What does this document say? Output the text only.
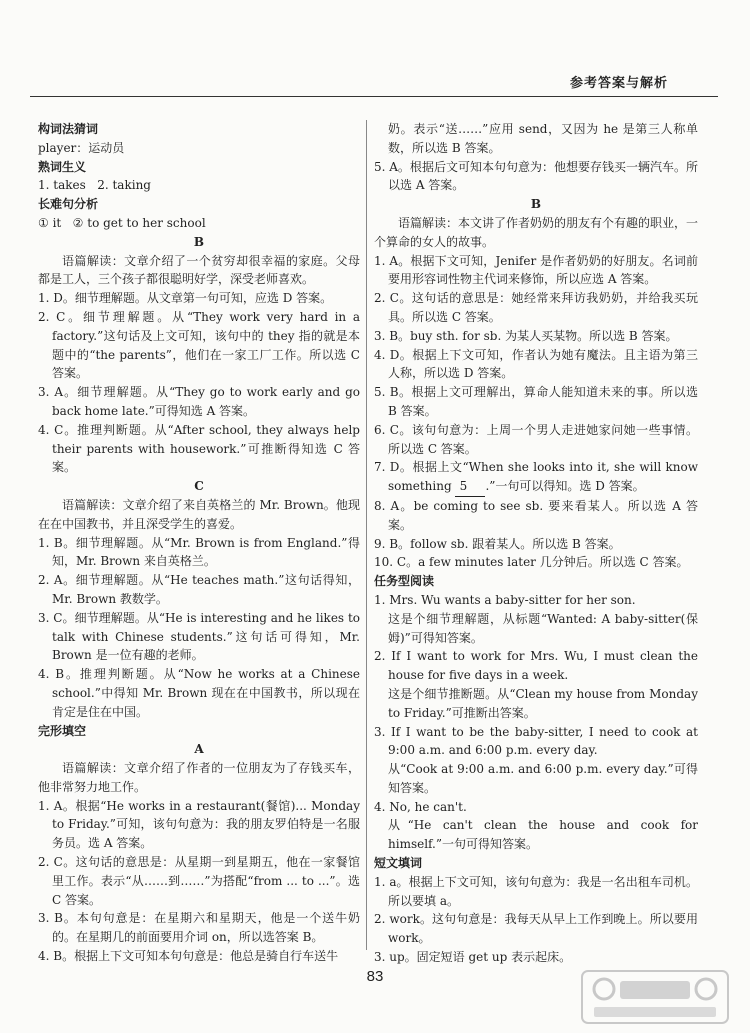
参考答案与解析
构词法猜词
player：运动员
熟词生义
1. takes   2. taking
长难句分析
① it   ② to get to her school
B
语篇解读：文章介绍了一个贫穷却很幸福的家庭。父母都是工人，三个孩子都很聪明好学，深受老师喜欢。
1. D。细节理解题。从文章第一句可知，应选 D 答案。
2. C。细节理解题。从“They work very hard in a factory.”这句话及上文可知，该句中的 they 指的就是本题中的“the parents”，他们在一家工厂工作。所以选 C 答案。
3. A。细节理解题。从“They go to work early and go back home late.”可得知选 A 答案。
4. C。推理判断题。从“After school, they always help their parents with housework.”可推断得知选 C 答案。
C
语篇解读：文章介绍了来自英格兰的 Mr. Brown。他现在在中国教书，并且深受学生的喜爱。
1. B。细节理解题。从“Mr. Brown is from England.”得知，Mr. Brown 来自英格兰。
2. A。细节理解题。从“He teaches math.”这句话得知，Mr. Brown 教数学。
3. C。细节理解题。从“He is interesting and he likes to talk with Chinese students.”这句话可得知，Mr. Brown 是一位有趣的老师。
4. B。推理判断题。从“Now he works at a Chinese school.”中得知 Mr. Brown 现在在中国教书，所以现在肯定是住在中国。
完形填空
A
语篇解读：文章介绍了作者的一位朋友为了存钱买车，他非常努力地工作。
1. A。根据“He works in a restaurant(餐馆)... Monday to Friday.”可知，该句句意为：我的朋友罗伯特是一名服务员。选 A 答案。
2. C。这句话的意思是：从星期一到星期五，他在一家餐馆里工作。表示“从……到……”为搭配“from ... to ...”。选 C 答案。
3. B。本句句意是：在星期六和星期天，他是一个送牛奶的。在星期几的前面要用介词 on，所以选答案 B。
4. B。根据上下文可知本句句意是：他总是骑自行车送牛
奶。表示“送……”应用 send，又因为 he 是第三人称单数，所以选 B 答案。
5. A。根据后文可知本句句意为：他想要存钱买一辆汽车。所以选 A 答案。
B
语篇解读：本文讲了作者奶奶的朋友有个有趣的职业，一个算命的女人的故事。
1. A。根据下文可知，Jenifer 是作者奶奶的好朋友。名词前要用形容词性物主代词来修饰，所以应选 A 答案。
2. C。这句话的意思是：她经常来拜访我奶奶，并给我买玩具。所以选 C 答案。
3. B。buy sth. for sb. 为某人买某物。所以选 B 答案。
4. D。根据上下文可知，作者认为她有魔法。且主语为第三人称，所以选 D 答案。
5. B。根据上文可理解出，算命人能知道未来的事。所以选 B 答案。
6. C。该句句意为：上周一个男人走进她家问她一些事情。所以选 C 答案。
7. D。根据上文“When she looks into it, she will know something 5 .”一句可以得知。选 D 答案。
8. A。be coming to see sb. 要来看某人。所以选 A 答案。
9. B。follow sb. 跟着某人。所以选 B 答案。
10. C。a few minutes later 几分钟后。所以选 C 答案。
任务型阅读
1. Mrs. Wu wants a baby-sitter for her son.
这是个细节理解题，从标题“Wanted: A baby-sitter(保姆)”可得知答案。
2. If I want to work for Mrs. Wu, I must clean the house for five days in a week.
这是个细节推断题。从“Clean my house from Monday to Friday.”可推断出答案。
3. If I want to be the baby-sitter, I need to cook at 9:00 a.m. and 6:00 p.m. every day.
从“Cook at 9:00 a.m. and 6:00 p.m. every day.”可得知答案。
4. No, he can't.
从“He can't clean the house and cook for himself.”一句可得知答案。
短文填词
1. a。根据上下文可知，该句句意为：我是一名出租车司机。所以要填 a。
2. work。这句句意是：我每天从早上工作到晚上。所以要用 work。
3. up。固定短语 get up 表示起床。
83
